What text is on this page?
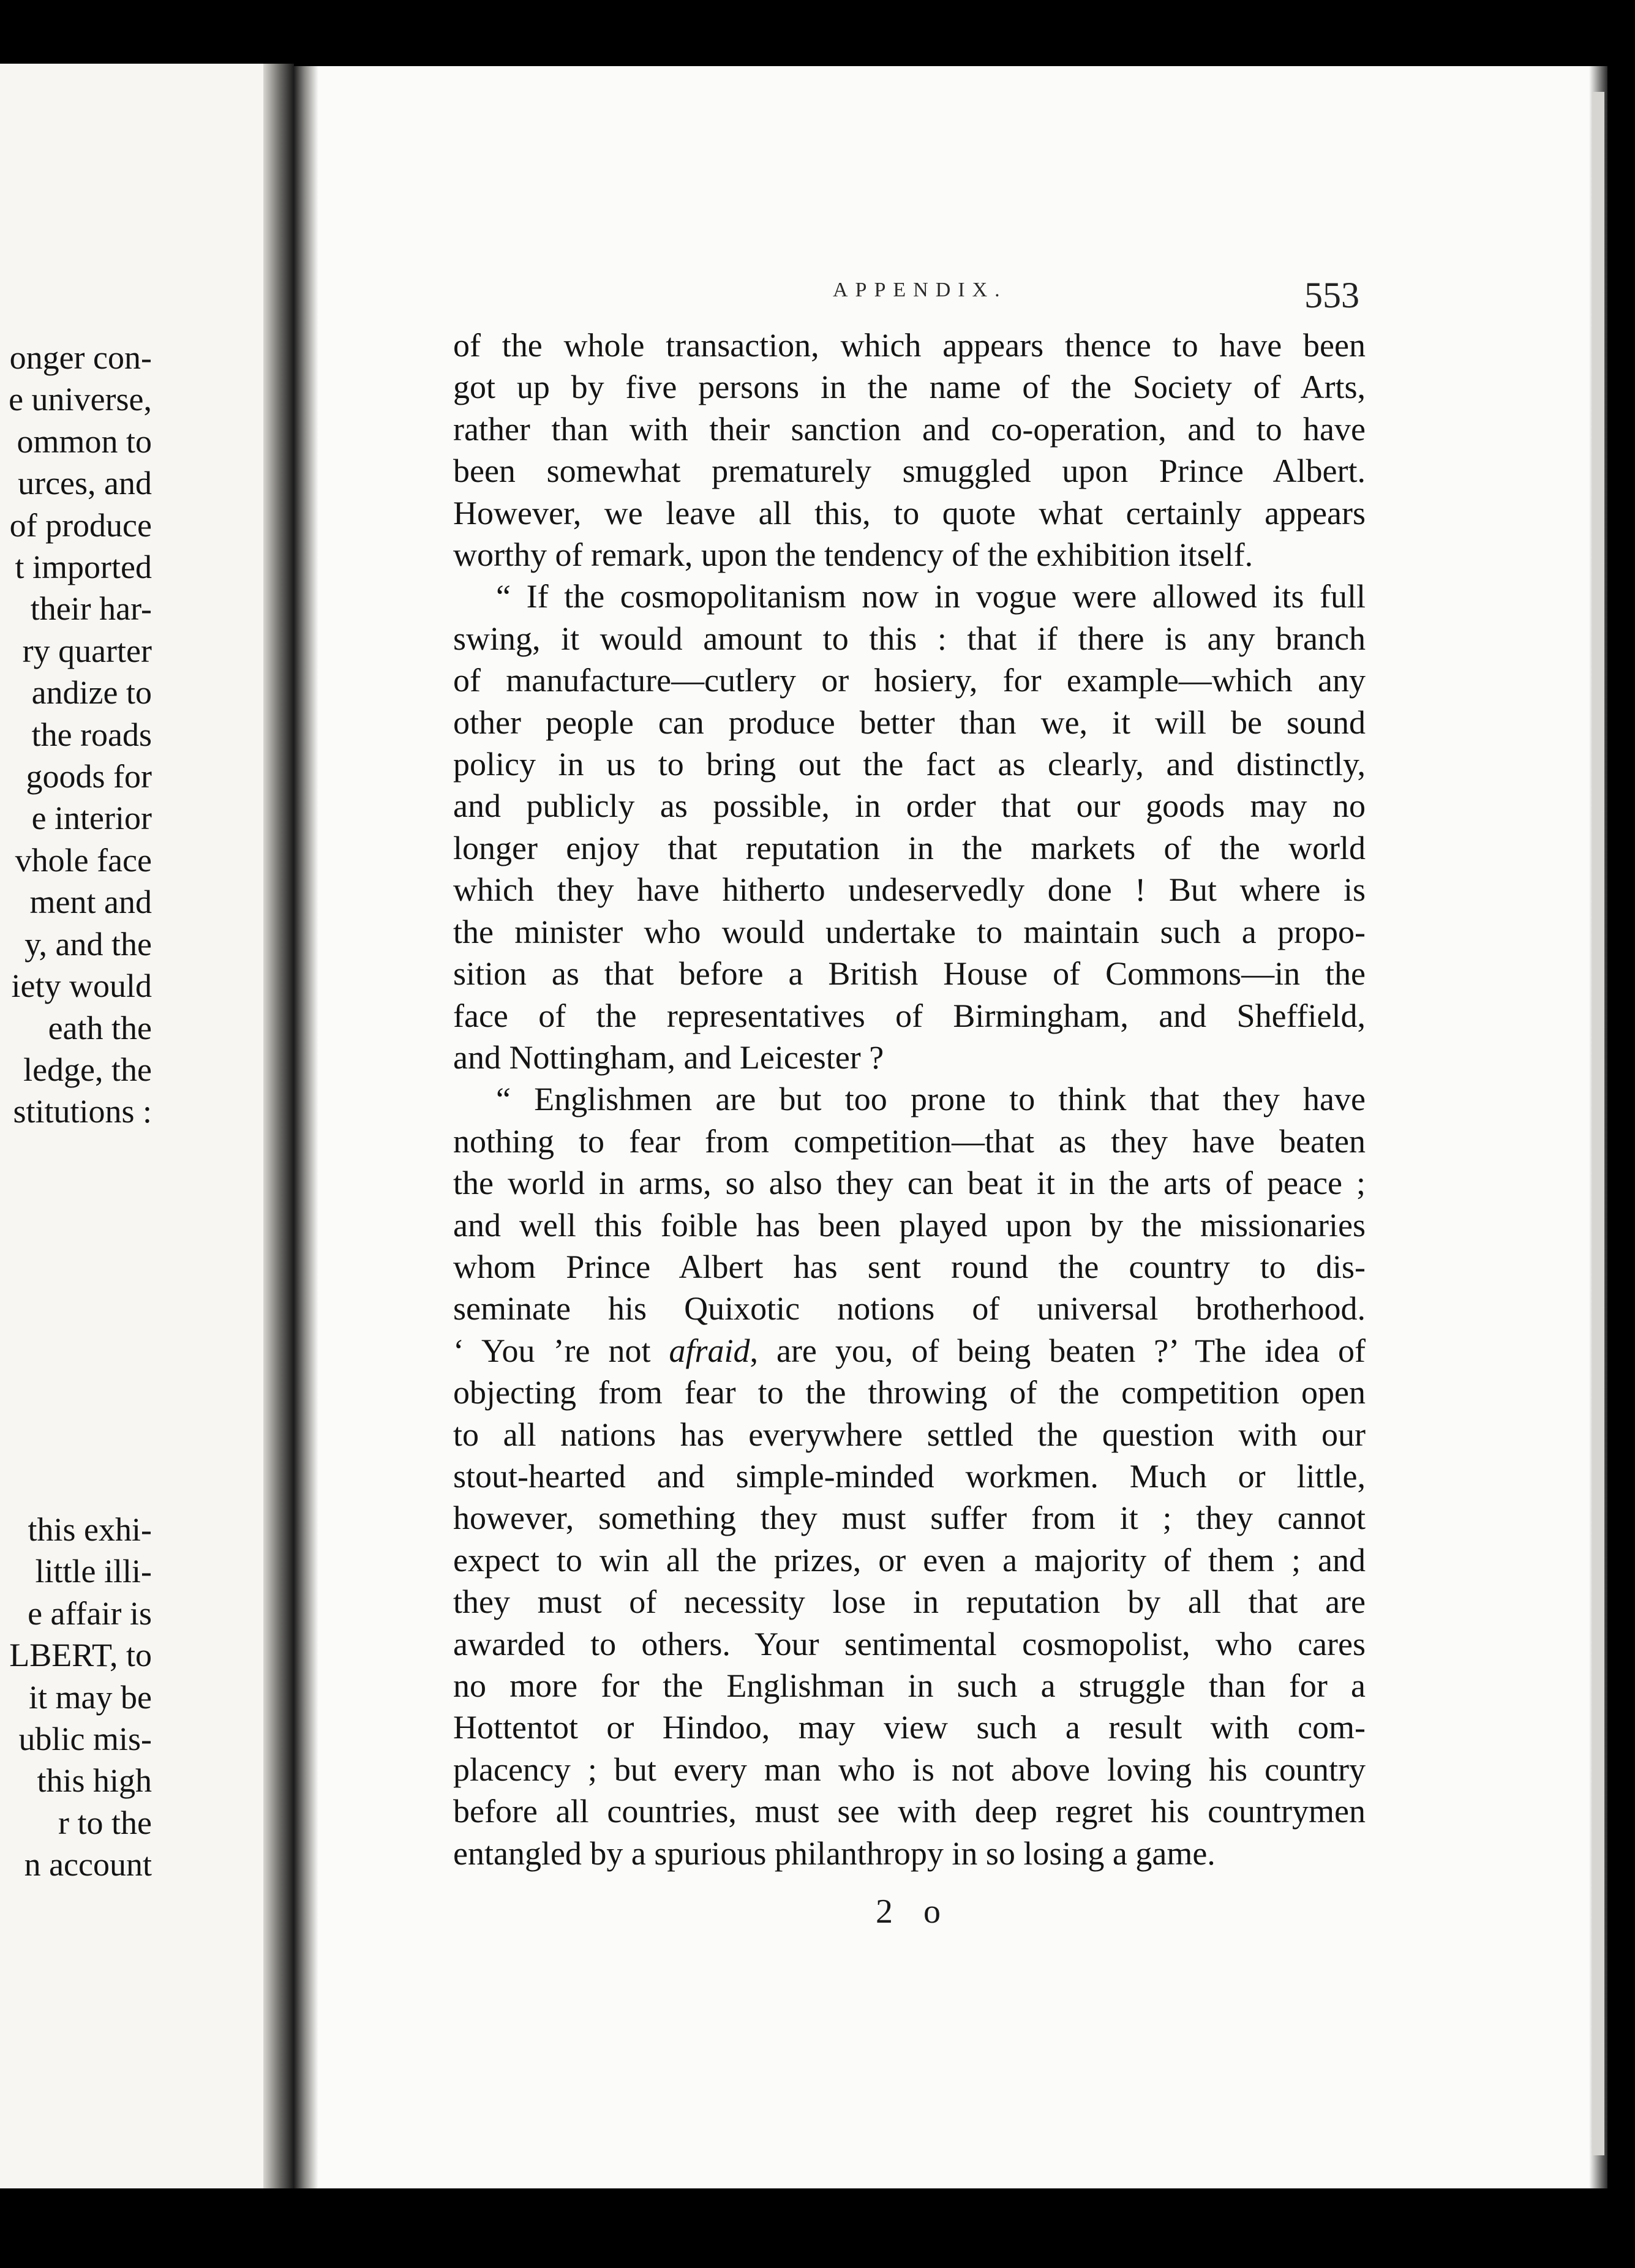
onger con-
e universe,
ommon to
urces, and
of produce
t imported
their har-
ry quarter
andize to
the roads
goods for
e interior
vhole face
ment and
y, and the
iety would
eath the
ledge, the
stitutions :
this exhi-
little illi-
e affair is
LBERT, to
it may be
ublic mis-
this high
r to the
n account
APPENDIX.	553
of the whole transaction, which appears thence to have been
got up by five persons in the name of the Society of Arts,
rather than with their sanction and co-operation, and to have
been somewhat prematurely smuggled upon Prince Albert.
However, we leave all this, to quote what certainly appears
worthy of remark, upon the tendency of the exhibition itself.
“ If the cosmopolitanism now in vogue were allowed its full
swing, it would amount to this : that if there is any branch
of manufacture—cutlery or hosiery, for example—which any
other people can produce better than we, it will be sound
policy in us to bring out the fact as clearly, and distinctly,
and publicly as possible, in order that our goods may no
longer enjoy that reputation in the markets of the world
which they have hitherto undeservedly done ! But where is
the minister who would undertake to maintain such a propo-
sition as that before a British House of Commons—in the
face of the representatives of Birmingham, and Sheffield,
and Nottingham, and Leicester ?
“ Englishmen are but too prone to think that they have
nothing to fear from competition—that as they have beaten
the world in arms, so also they can beat it in the arts of peace ;
and well this foible has been played upon by the missionaries
whom Prince Albert has sent round the country to dis-
seminate his Quixotic notions of universal brotherhood.
‘ You ’re not afraid, are you, of being beaten ?’ The idea of
objecting from fear to the throwing of the competition open
to all nations has everywhere settled the question with our
stout-hearted and simple-minded workmen. Much or little,
however, something they must suffer from it ; they cannot
expect to win all the prizes, or even a majority of them ; and
they must of necessity lose in reputation by all that are
awarded to others. Your sentimental cosmopolist, who cares
no more for the Englishman in such a struggle than for a
Hottentot or Hindoo, may view such a result with com-
placency ; but every man who is not above loving his country
before all countries, must see with deep regret his countrymen
entangled by a spurious philanthropy in so losing a game.
2 o
